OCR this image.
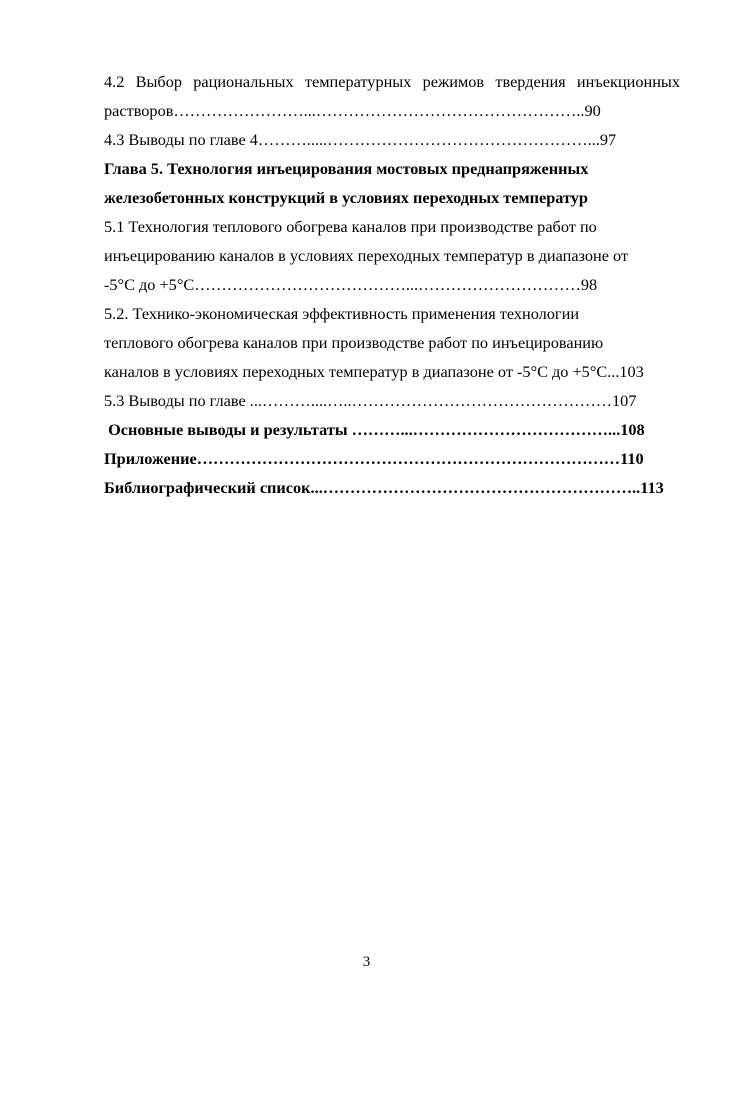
4.2 Выбор рациональных температурных режимов твердения инъекционных
растворов……………………...…………………………………………..90
4.3 Выводы по главе 4……….....…………………………………………...97
Глава 5. Технология инъецирования мостовых преднапряженных
железобетонных конструкций в условиях переходных температур
5.1 Технология теплового обогрева каналов при производстве работ по
инъецированию каналов в условиях переходных температур в диапазоне от
-5°С до +5°С…………………………………...…………………………98
5.2. Технико-экономическая эффективность применения технологии
теплового обогрева каналов при производстве работ по инъецированию
каналов в условиях переходных температур в диапазоне от -5°С до +5°С...103
5.3 Выводы по главе ...………....…..…………………………………………107
Основные выводы и результаты ………...………………………………...108
Приложение……………………………………………………………………110
Библиографический список...…………………………………………………..113
3
